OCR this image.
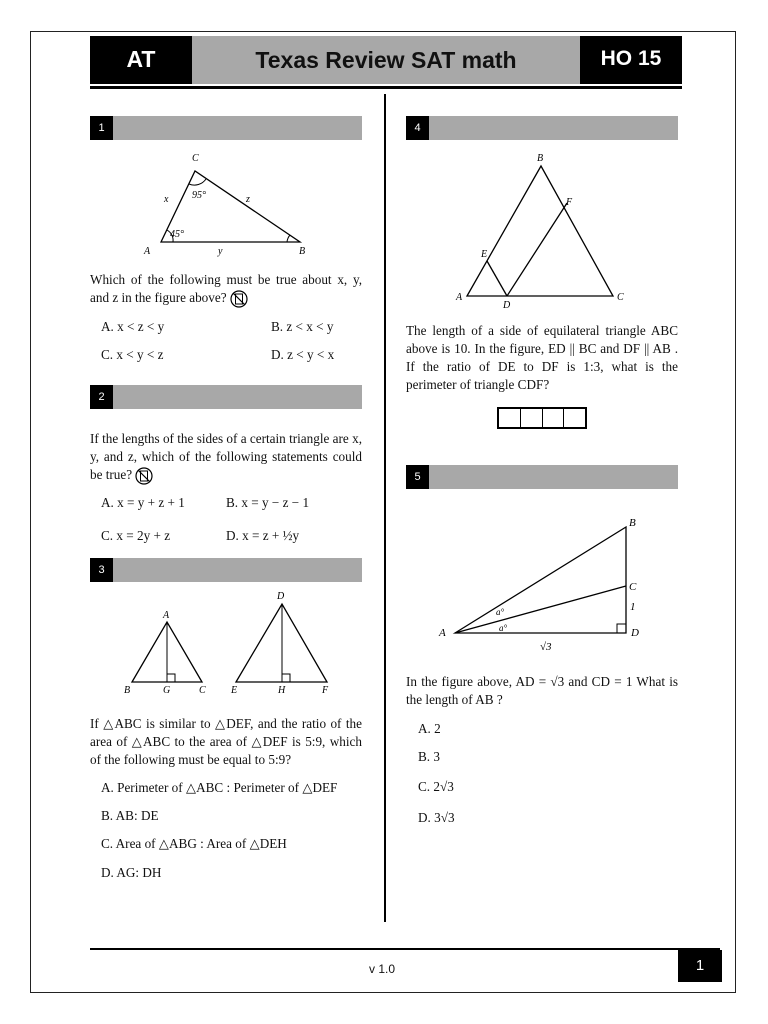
AT	Texas Review SAT math	HO 15
1
C
A	B
x
y
z
95°
45°
Which of the following must be true about x, y, and z in the figure above?
A. x < z < y	B. z < x < y
C. x < y < z	D. z < y < x
2
If the lengths of the sides of a certain triangle are x, y, and z, which of the following statements could be true?
A. x = y + z + 1	B. x = y − z − 1
C. x = 2y + z	D. x = z + ½y
3
A
B	G	C
D
E	H	F
If △ABC is similar to △DEF, and the ratio of the area of △ABC to the area of △DEF is 5:9, which of the following must be equal to 5:9?
A. Perimeter of △ABC : Perimeter of △DEF
B. AB: DE
C. Area of △ABG : Area of △DEH
D. AG: DH
4
B
F
E
A
D
C
The length of a side of equilateral triangle ABC above is 10. In the figure, ED || BC and DF || AB . If the ratio of DE to DF is 1:3, what is the perimeter of triangle CDF?
5
B
C
D
A
a°
a°
1
√3
In the figure above, AD = √3 and CD = 1 What is the length of AB ?
A. 2
B. 3
C. 2√3
D. 3√3
v 1.0	1
